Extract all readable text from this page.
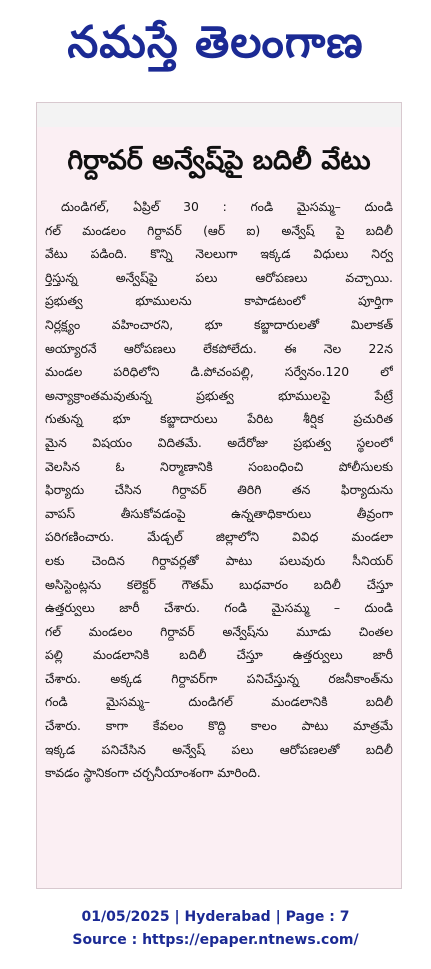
నమస్తే తెలంగాణ
గిర్దావర్ అన్వేష్‌పై బదిలీ వేటు
దుండిగల్, ఏప్రిల్ 30 : గండి మైసమ్మ– దుండి
గల్ మండలం గిర్దావర్ (ఆర్ ఐ) అన్వేష్ పై బదిలీ
వేటు పడింది. కొన్ని నెలలుగా ఇక్కడ విధులు నిర్వ
ర్తిస్తున్న అన్వేష్‌పై పలు ఆరోపణలు వచ్చాయి.
ప్రభుత్వ భూములను కాపాడటంలో పూర్తిగా
నిర్లక్ష్యం వహించారని, భూ కబ్జాదారులతో మిలాకత్
అయ్యారనే ఆరోపణలు లేకపోలేదు. ఈ నెల 22న
మండల పరిధిలోని డి.పోచంపల్లి, సర్వేనం.120 లో
అన్యాక్రాంతమవుతున్న ప్రభుత్వ భూములపై పేట్రే
గుతున్న భూ కబ్జాదారులు పేరిట శీర్షిక ప్రచురిత
మైన విషయం విదితమే. అదేరోజు ప్రభుత్వ స్థలంలో
వెలసిన ఓ నిర్మాణానికి సంబంధించి పోలీసులకు
ఫిర్యాదు చేసిన గిర్దావర్ తిరిగి తన ఫిర్యాదును
వాపస్ తీసుకోవడంపై ఉన్నతాధికారులు తీవ్రంగా
పరిగణించారు. మేడ్చల్ జిల్లాలోని వివిధ మండలా
లకు చెందిన గిర్దావర్లతో పాటు పలువురు సీనియర్
అసిస్టెంట్లను కలెక్టర్ గౌతమ్ బుధవారం బదిలీ చేస్తూ
ఉత్తర్వులు జారీ చేశారు. గండి మైసమ్మ – దుండి
గల్ మండలం గిర్దావర్ అన్వేష్‌ను మూడు చింతల
పల్లి మండలానికి బదిలీ చేస్తూ ఉత్తర్వులు జారీ
చేశారు. అక్కడ గిర్దావర్‌గా పనిచేస్తున్న రజనీకాంత్‌ను
గండి మైసమ్మ– దుండిగల్ మండలానికి బదిలీ
చేశారు. కాగా కేవలం కొద్ది కాలం పాటు మాత్రమే
ఇక్కడ పనిచేసిన అన్వేష్ పలు ఆరోపణలతో బదిలీ
కావడం స్థానికంగా చర్చనీయాంశంగా మారింది.
01/05/2025 | Hyderabad | Page : 7
Source : https://epaper.ntnews.com/
